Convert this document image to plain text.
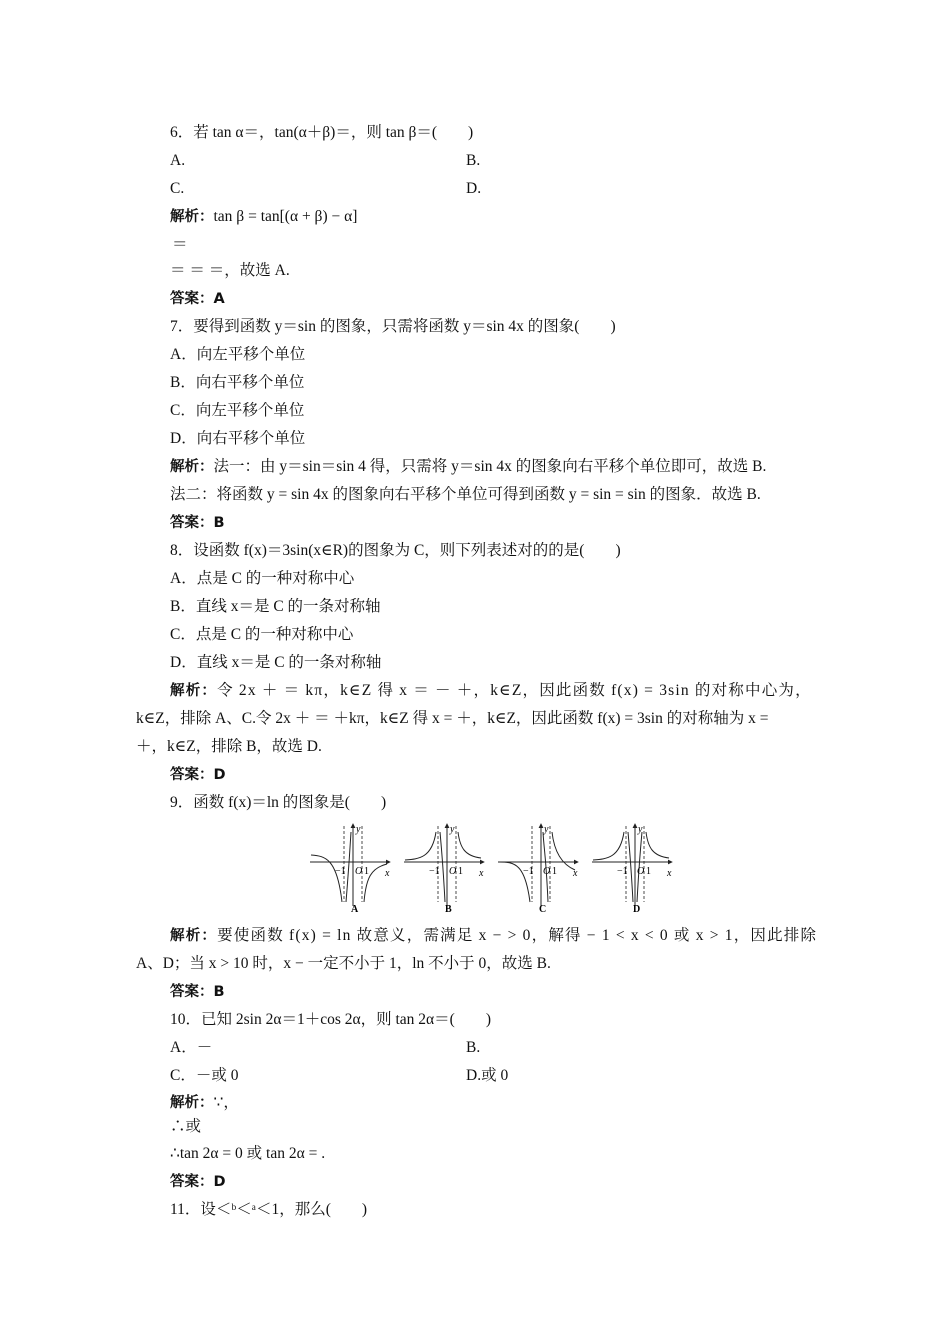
6．若 tan α＝，tan(α＋β)＝，则 tan β＝(　　)
A.	B.
C.	D.
解析：tan β = tan[(α + β) − α]
＝
＝ ＝ ＝，故选 A.
答案：A
7．要得到函数 y＝sin 的图象，只需将函数 y＝sin 4x 的图象(　　)
A．向左平移个单位
B．向右平移个单位
C．向左平移个单位
D．向右平移个单位
解析：法一：由 y＝sin＝sin 4 得，只需将 y＝sin 4x 的图象向右平移个单位即可，故选 B.
法二：将函数 y = sin 4x 的图象向右平移个单位可得到函数 y = sin = sin 的图象．故选 B.
答案：B
8．设函数 f(x)＝3sin(x∈R)的图象为 C，则下列表述对的的是(　　)
A．点是 C 的一种对称中心
B．直线 x＝是 C 的一条对称轴
C．点是 C 的一种对称中心
D．直线 x＝是 C 的一条对称轴
解析：令 2x ＋ ＝ kπ，k∈Z 得 x ＝ － ＋，k∈Z，因此函数 f(x) = 3sin 的对称中心为，
k∈Z，排除 A、C.令 2x ＋ ＝ ＋kπ，k∈Z 得 x = ＋，k∈Z，因此函数 f(x) = 3sin 的对称轴为 x =
＋，k∈Z，排除 B，故选 D.
答案：D
9．函数 f(x)＝ln 的图象是(　　)
y
x
−1 O 1
A
y
x
−1 O 1
B
y
x
−1 O 1
C
y
x
−1 O 1
D
解析：要使函数 f(x) = ln 故意义，需满足 x − > 0，解得 − 1 < x < 0 或 x > 1，因此排除
A、D；当 x > 10 时，x − 一定不小于 1，ln 不小于 0，故选 B.
答案：B
10．已知 2sin 2α＝1＋cos 2α，则 tan 2α＝(　　)
A．－	B.
C．－或 0	D.或 0
解析：∵，
∴或
∴tan 2α = 0 或 tan 2α = .
答案：D
11．设＜ᵇ＜ᵃ＜1，那么(　　)
